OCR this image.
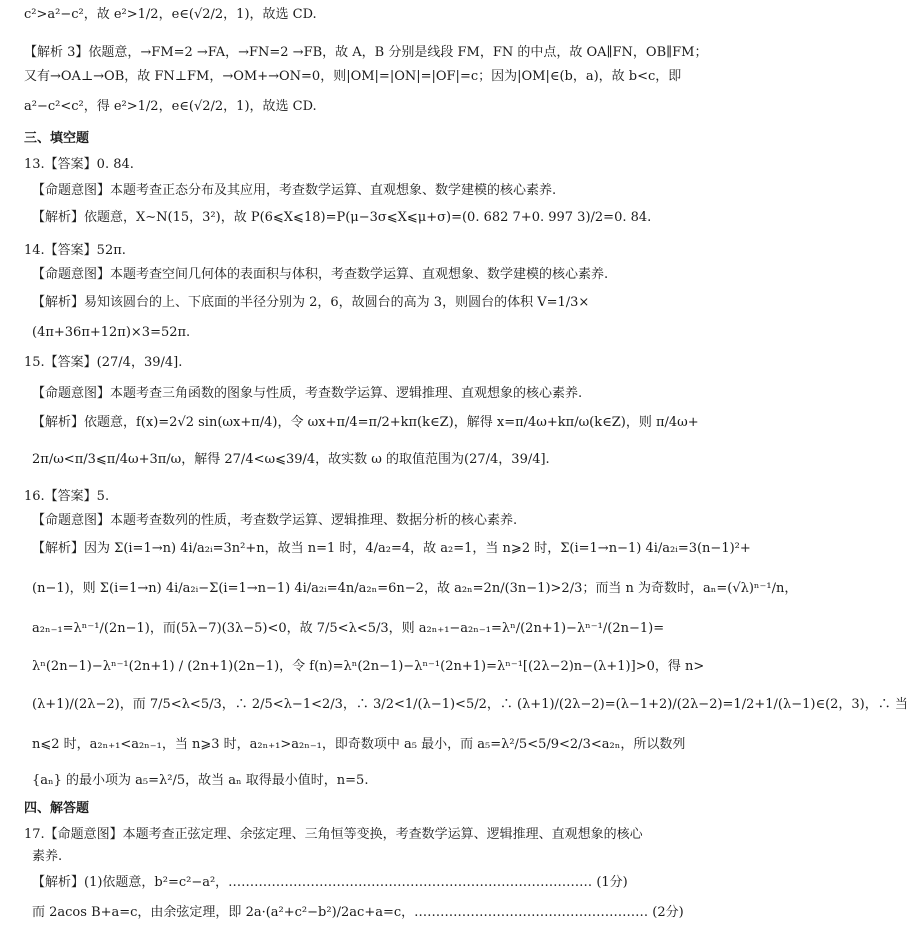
c²>a²−c²，故 e²>1/2，e∈(√2/2，1)，故选 CD.
【解析 3】依题意，→FM=2 →FA，→FN=2 →FB，故 A，B 分别是线段 FM，FN 的中点，故 OA∥FN，OB∥FM；
又有→OA⊥→OB，故 FN⊥FM，→OM+→ON=0，则|OM|=|ON|=|OF|=c；因为|OM|∈(b，a)，故 b<c，即
a²−c²<c²，得 e²>1/2，e∈(√2/2，1)，故选 CD.
三、填空题
13.【答案】0. 84.
【命题意图】本题考查正态分布及其应用，考查数学运算、直观想象、数学建模的核心素养.
【解析】依题意，X∼N(15，3²)，故 P(6⩽X⩽18)=P(μ−3σ⩽X⩽μ+σ)=(0. 682 7+0. 997 3)/2=0. 84.
14.【答案】52π.
【命题意图】本题考查空间几何体的表面积与体积，考查数学运算、直观想象、数学建模的核心素养.
【解析】易知该圆台的上、下底面的半径分别为 2，6，故圆台的高为 3，则圆台的体积 V=1/3×
(4π+36π+12π)×3=52π.
15.【答案】(27/4，39/4].
【命题意图】本题考查三角函数的图象与性质，考查数学运算、逻辑推理、直观想象的核心素养.
【解析】依题意，f(x)=2√2 sin(ωx+π/4)，令 ωx+π/4=π/2+kπ(k∈Z)，解得 x=π/4ω+kπ/ω(k∈Z)，则 π/4ω+
2π/ω<π/3⩽π/4ω+3π/ω，解得 27/4<ω⩽39/4，故实数 ω 的取值范围为(27/4，39/4].
16.【答案】5.
【命题意图】本题考查数列的性质，考查数学运算、逻辑推理、数据分析的核心素养.
【解析】因为 Σ(i=1→n) 4i/a₂ᵢ=3n²+n，故当 n=1 时，4/a₂=4，故 a₂=1，当 n⩾2 时，Σ(i=1→n−1) 4i/a₂ᵢ=3(n−1)²+
(n−1)，则 Σ(i=1→n) 4i/a₂ᵢ−Σ(i=1→n−1) 4i/a₂ᵢ=4n/a₂ₙ=6n−2，故 a₂ₙ=2n/(3n−1)>2/3；而当 n 为奇数时，aₙ=(√λ)ⁿ⁻¹/n，
a₂ₙ₋₁=λⁿ⁻¹/(2n−1)，而(5λ−7)(3λ−5)<0，故 7/5<λ<5/3，则 a₂ₙ₊₁−a₂ₙ₋₁=λⁿ/(2n+1)−λⁿ⁻¹/(2n−1)=
λⁿ(2n−1)−λⁿ⁻¹(2n+1) / (2n+1)(2n−1)，令 f(n)=λⁿ(2n−1)−λⁿ⁻¹(2n+1)=λⁿ⁻¹[(2λ−2)n−(λ+1)]>0，得 n>
(λ+1)/(2λ−2)，而 7/5<λ<5/3，∴ 2/5<λ−1<2/3，∴ 3/2<1/(λ−1)<5/2，∴ (λ+1)/(2λ−2)=(λ−1+2)/(2λ−2)=1/2+1/(λ−1)∈(2，3)，∴ 当
n⩽2 时，a₂ₙ₊₁<a₂ₙ₋₁，当 n⩾3 时，a₂ₙ₊₁>a₂ₙ₋₁，即奇数项中 a₅ 最小，而 a₅=λ²/5<5/9<2/3<a₂ₙ，所以数列
{aₙ} 的最小项为 a₅=λ²/5，故当 aₙ 取得最小值时，n=5.
四、解答题
17.【命题意图】本题考查正弦定理、余弦定理、三角恒等变换，考查数学运算、逻辑推理、直观想象的核心
素养.
【解析】(1)依题意，b²=c²−a²，………………………………………………………………………… (1分)
而 2acos B+a=c，由余弦定理，即 2a·(a²+c²−b²)/2ac+a=c，……………………………………………… (2分)
